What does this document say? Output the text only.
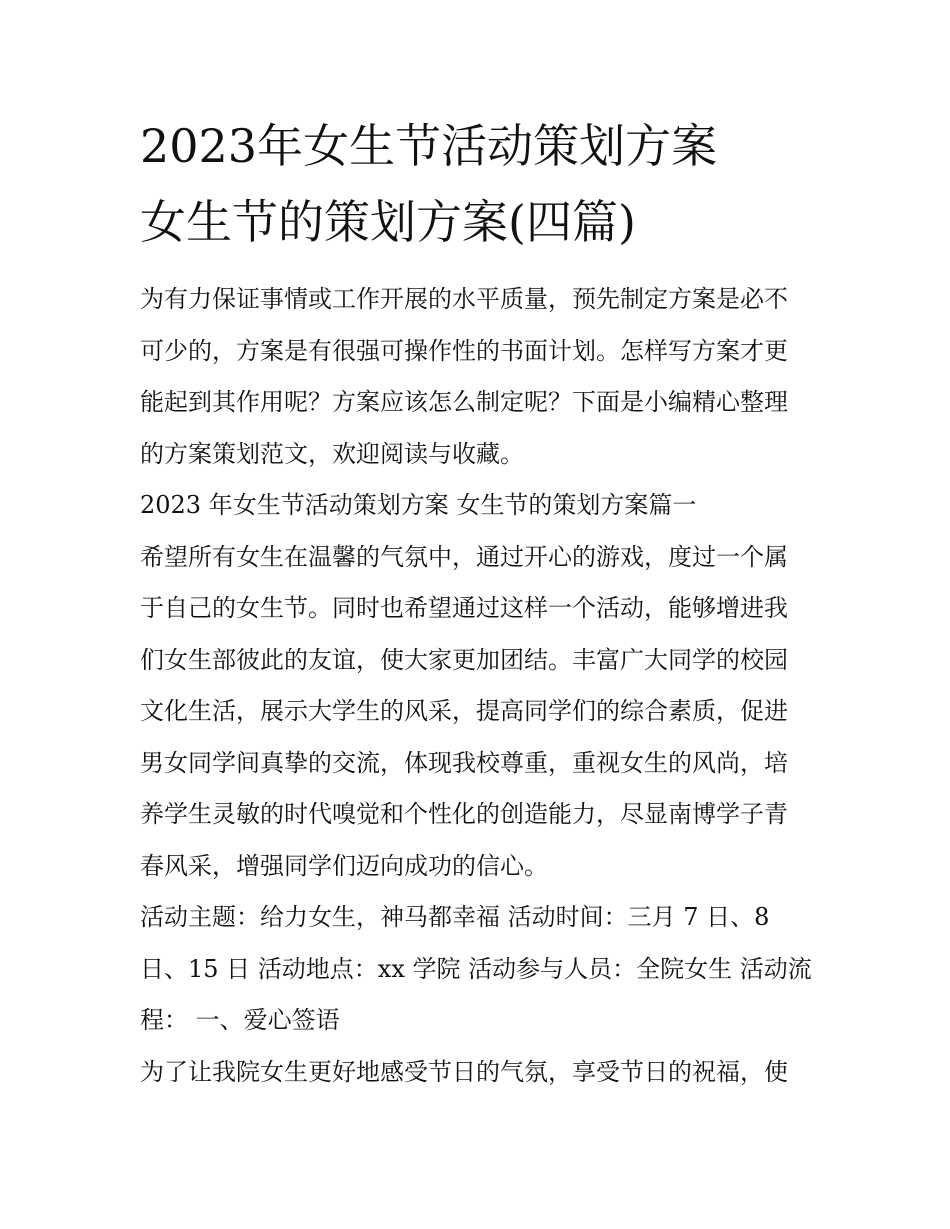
2023年女生节活动策划方案
女生节的策划方案(四篇)
为有力保证事情或工作开展的水平质量，预先制定方案是必不
可少的，方案是有很强可操作性的书面计划。怎样写方案才更
能起到其作用呢？方案应该怎么制定呢？下面是小编精心整理
的方案策划范文，欢迎阅读与收藏。
2023 年女生节活动策划方案 女生节的策划方案篇一
希望所有女生在温馨的气氛中，通过开心的游戏，度过一个属
于自己的女生节。同时也希望通过这样一个活动，能够增进我
们女生部彼此的友谊，使大家更加团结。丰富广大同学的校园
文化生活，展示大学生的风采，提高同学们的综合素质，促进
男女同学间真挚的交流，体现我校尊重，重视女生的风尚，培
养学生灵敏的时代嗅觉和个性化的创造能力，尽显南博学子青
春风采，增强同学们迈向成功的信心。
活动主题：给力女生，神马都幸福 活动时间：三月 7 日、8
日、15 日 活动地点：xx 学院 活动参与人员：全院女生 活动流
程： 一、爱心签语
为了让我院女生更好地感受节日的气氛，享受节日的祝福，使
